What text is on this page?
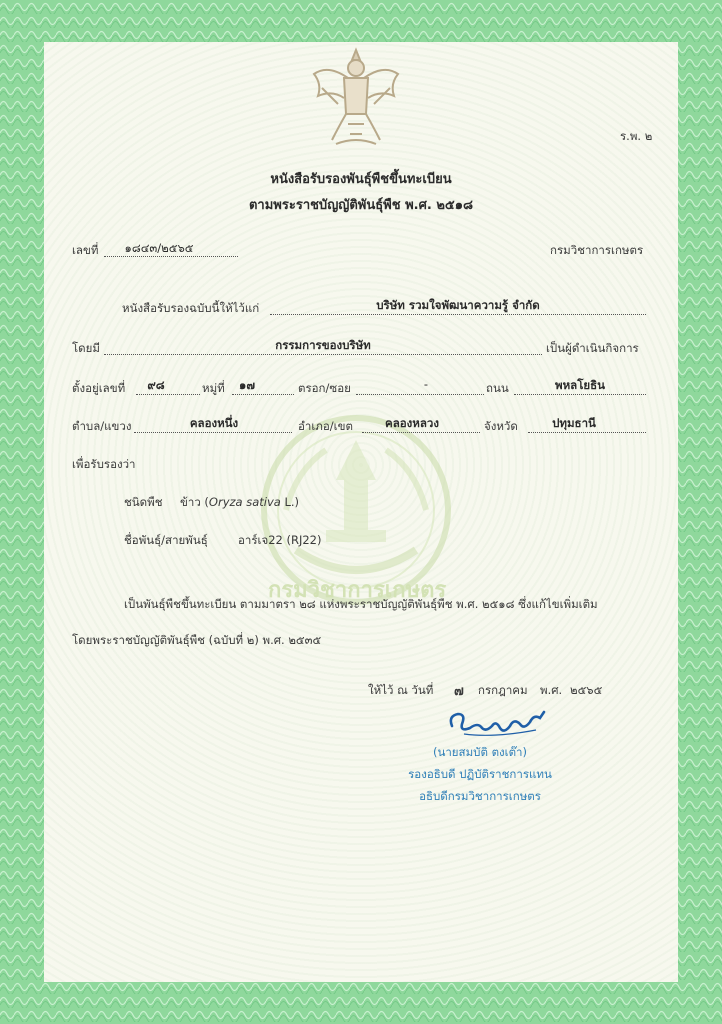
กรมวิชาการเกษตร
ร.พ. ๒
หนังสือรับรองพันธุ์พืชขึ้นทะเบียน
ตามพระราชบัญญัติพันธุ์พืช พ.ศ. ๒๕๑๘
เลขที่	๑๘๔๓/๒๕๖๕	กรมวิชาการเกษตร
หนังสือรับรองฉบับนี้ให้ไว้แก่	บริษัท รวมใจพัฒนาความรู้ จำกัด
โดยมี	กรรมการของบริษัท	เป็นผู้ดำเนินกิจการ
ตั้งอยู่เลขที่	๙๘	หมู่ที่	๑๗	ตรอก/ซอย	-	ถนน	พหลโยธิน
ตำบล/แขวง	คลองหนึ่ง	อำเภอ/เขต	คลองหลวง	จังหวัด	ปทุมธานี
เพื่อรับรองว่า
ชนิดพืช ข้าว (Oryza sativa L.)
ชื่อพันธุ์/สายพันธุ์	อาร์เจ22 (RJ22)
เป็นพันธุ์พืชขึ้นทะเบียน ตามมาตรา ๒๘ แห่งพระราชบัญญัติพันธุ์พืช พ.ศ. ๒๕๑๘ ซึ่งแก้ไขเพิ่มเติม
โดยพระราชบัญญัติพันธุ์พืช (ฉบับที่ ๒) พ.ศ. ๒๕๓๕
ให้ไว้ ณ วันที่ ๗ กรกฎาคม พ.ศ. ๒๕๖๕
(นายสมบัติ ตงเต๊า)
รองอธิบดี ปฏิบัติราชการแทน
อธิบดีกรมวิชาการเกษตร
